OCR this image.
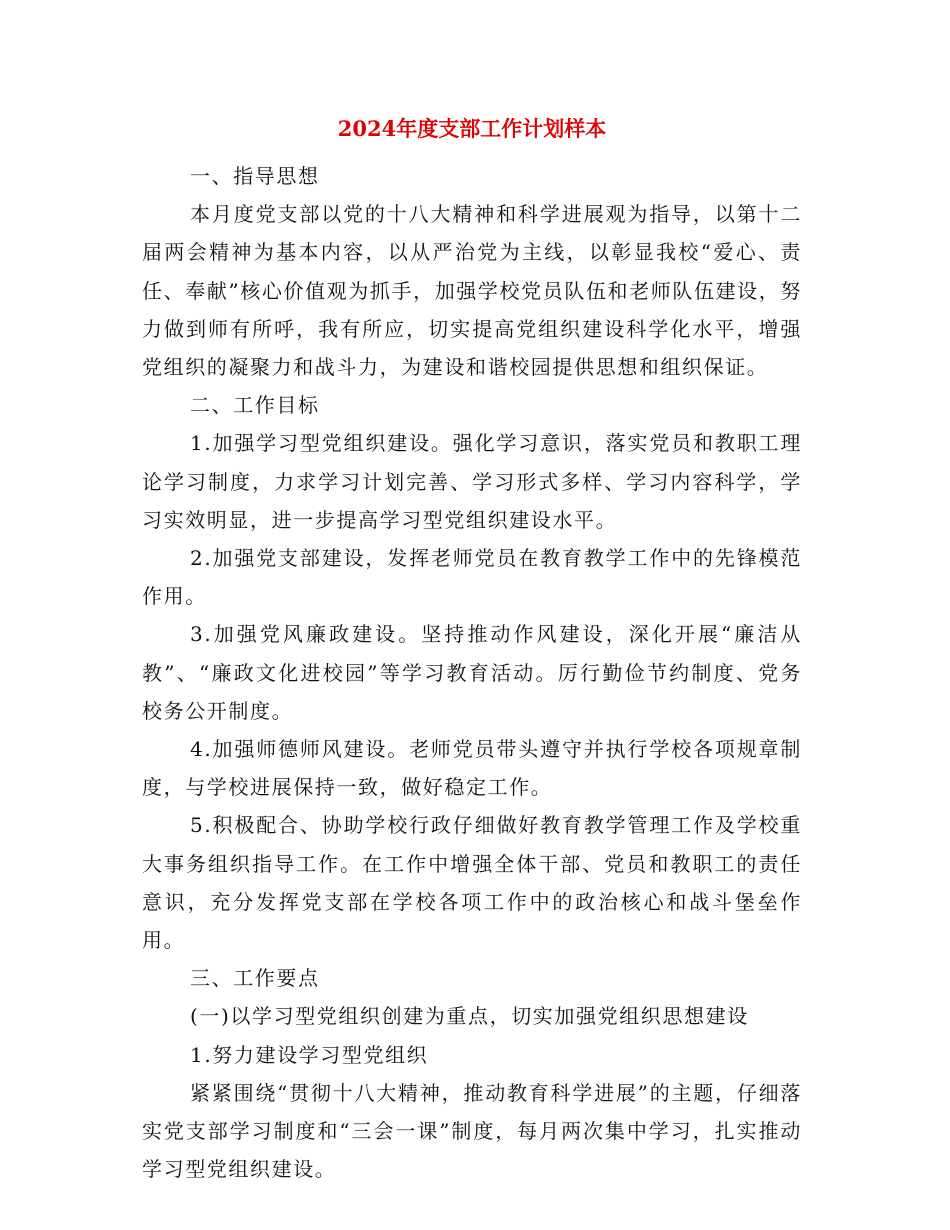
2024年度支部工作计划样本

一、指导思想

本月度党支部以党的十八大精神和科学进展观为指导，以第十二届两会精神为基本内容，以从严治党为主线，以彰显我校“爱心、责任、奉献”核心价值观为抓手，加强学校党员队伍和老师队伍建设，努力做到师有所呼，我有所应，切实提高党组织建设科学化水平，增强党组织的凝聚力和战斗力，为建设和谐校园提供思想和组织保证。

二、工作目标

1.加强学习型党组织建设。强化学习意识，落实党员和教职工理论学习制度，力求学习计划完善、学习形式多样、学习内容科学，学习实效明显，进一步提高学习型党组织建设水平。

2.加强党支部建设，发挥老师党员在教育教学工作中的先锋模范作用。

3.加强党风廉政建设。坚持推动作风建设，深化开展“廉洁从教”、“廉政文化进校园”等学习教育活动。厉行勤俭节约制度、党务校务公开制度。

4.加强师德师风建设。老师党员带头遵守并执行学校各项规章制度，与学校进展保持一致，做好稳定工作。

5.积极配合、协助学校行政仔细做好教育教学管理工作及学校重大事务组织指导工作。在工作中增强全体干部、党员和教职工的责任意识，充分发挥党支部在学校各项工作中的政治核心和战斗堡垒作用。

三、工作要点

(一)以学习型党组织创建为重点，切实加强党组织思想建设

1.努力建设学习型党组织

紧紧围绕“贯彻十八大精神，推动教育科学进展”的主题，仔细落实党支部学习制度和“三会一课”制度，每月两次集中学习，扎实推动学习型党组织建设。
